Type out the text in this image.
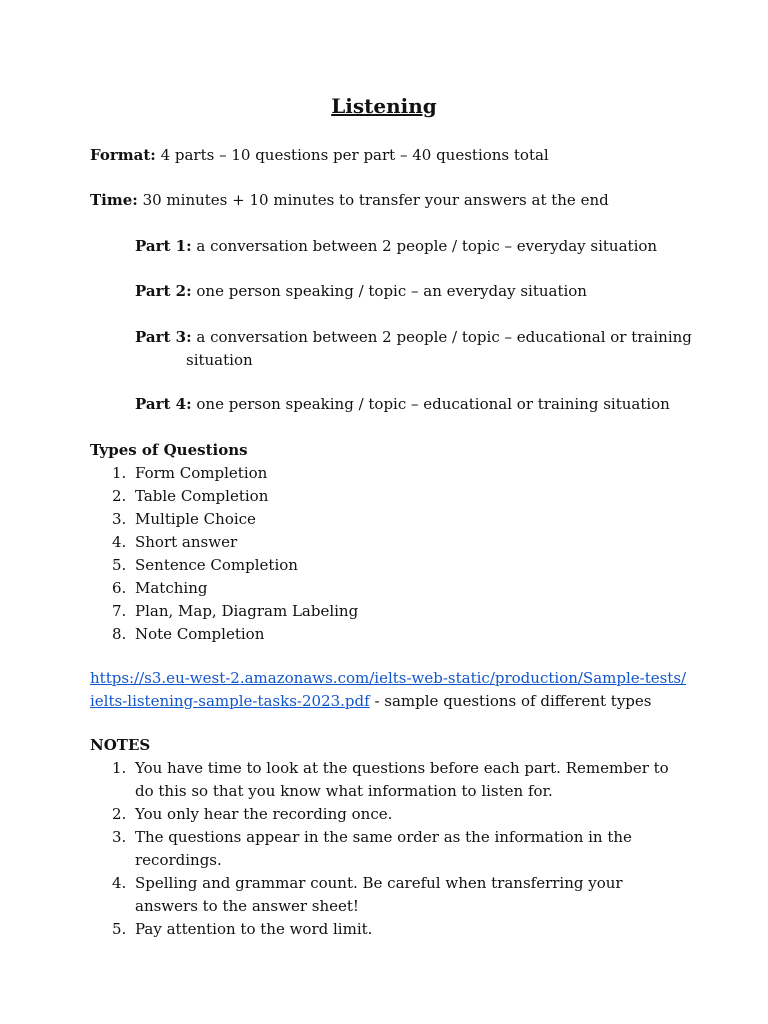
Listening
Format: 4 parts – 10 questions per part – 40 questions total
Time: 30 minutes + 10 minutes to transfer your answers at the end
Part 1: a conversation between 2 people / topic – everyday situation
Part 2: one person speaking / topic – an everyday situation
Part 3: a conversation between 2 people / topic – educational or training situation
Part 4: one person speaking / topic – educational or training situation
Types of Questions
1. Form Completion
2. Table Completion
3. Multiple Choice
4. Short answer
5. Sentence Completion
6. Matching
7. Plan, Map, Diagram Labeling
8. Note Completion
https://s3.eu-west-2.amazonaws.com/ielts-web-static/production/Sample-tests/ielts-listening-sample-tasks-2023.pdf - sample questions of different types
NOTES
1. You have time to look at the questions before each part. Remember to do this so that you know what information to listen for.
2. You only hear the recording once.
3. The questions appear in the same order as the information in the recordings.
4. Spelling and grammar count. Be careful when transferring your answers to the answer sheet!
5. Pay attention to the word limit.
